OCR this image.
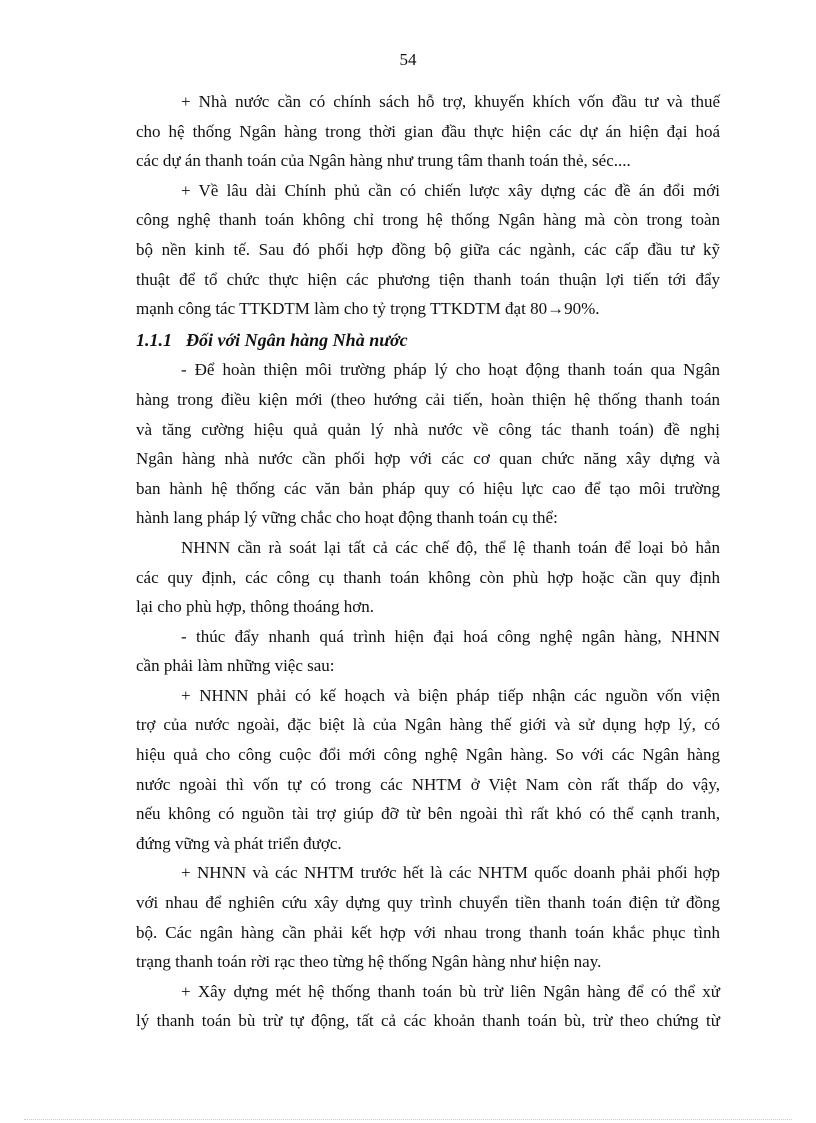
54
+ Nhà nước cần có chính sách hỗ trợ, khuyến khích vốn đầu tư và thuế
cho hệ thống Ngân hàng trong thời gian đầu thực hiện các dự án hiện đại hoá
các dự án thanh toán của Ngân hàng như trung tâm thanh toán thẻ, séc....
+ Về lâu dài Chính phủ cần có chiến lược xây dựng các đề án đổi mới
công nghệ thanh toán không chỉ trong hệ thống Ngân hàng mà còn trong toàn
bộ nền kinh tế. Sau đó phối hợp đồng bộ giữa các ngành, các cấp đầu tư kỹ
thuật để tổ chức thực hiện các phương tiện thanh toán thuận lợi tiến tới đẩy
mạnh công tác TTKDTM làm cho tỷ trọng TTKDTM đạt 80→90%.
1.1.1 Đối với Ngân hàng Nhà nước
- Để hoàn thiện môi trường pháp lý cho hoạt động thanh toán qua Ngân
hàng trong điều kiện mới (theo hướng cải tiến, hoàn thiện hệ thống thanh toán
và tăng cường hiệu quả quản lý nhà nước về công tác thanh toán) đề nghị
Ngân hàng nhà nước cần phối hợp với các cơ quan chức năng xây dựng và
ban hành hệ thống các văn bản pháp quy có hiệu lực cao để tạo môi trường
hành lang pháp lý vững chắc cho hoạt động thanh toán cụ thể:
NHNN cần rà soát lại tất cả các chế độ, thể lệ thanh toán để loại bỏ hẳn
các quy định, các công cụ thanh toán không còn phù hợp hoặc cần quy định
lại cho phù hợp, thông thoáng hơn.
- thúc đẩy nhanh quá trình hiện đại hoá công nghệ ngân hàng, NHNN
cần phải làm những việc sau:
+ NHNN phải có kế hoạch và biện pháp tiếp nhận các nguồn vốn viện
trợ của nước ngoài, đặc biệt là của Ngân hàng thế giới và sử dụng hợp lý, có
hiệu quả cho công cuộc đổi mới công nghệ Ngân hàng. So với các Ngân hàng
nước ngoài thì vốn tự có trong các NHTM ở Việt Nam còn rất thấp do vậy,
nếu không có nguồn tài trợ giúp đỡ từ bên ngoài thì rất khó có thể cạnh tranh,
đứng vững và phát triển được.
+ NHNN và các NHTM trước hết là các NHTM quốc doanh phải phối hợp
với nhau để nghiên cứu xây dựng quy trình chuyển tiền thanh toán điện tử đồng
bộ. Các ngân hàng cần phải kết hợp với nhau trong thanh toán khắc phục tình
trạng thanh toán rời rạc theo từng hệ thống Ngân hàng như hiện nay.
+ Xây dựng mét hệ thống thanh toán bù trừ liên Ngân hàng để có thể xử
lý thanh toán bù trừ tự động, tất cả các khoản thanh toán bù, trừ theo chứng từ
